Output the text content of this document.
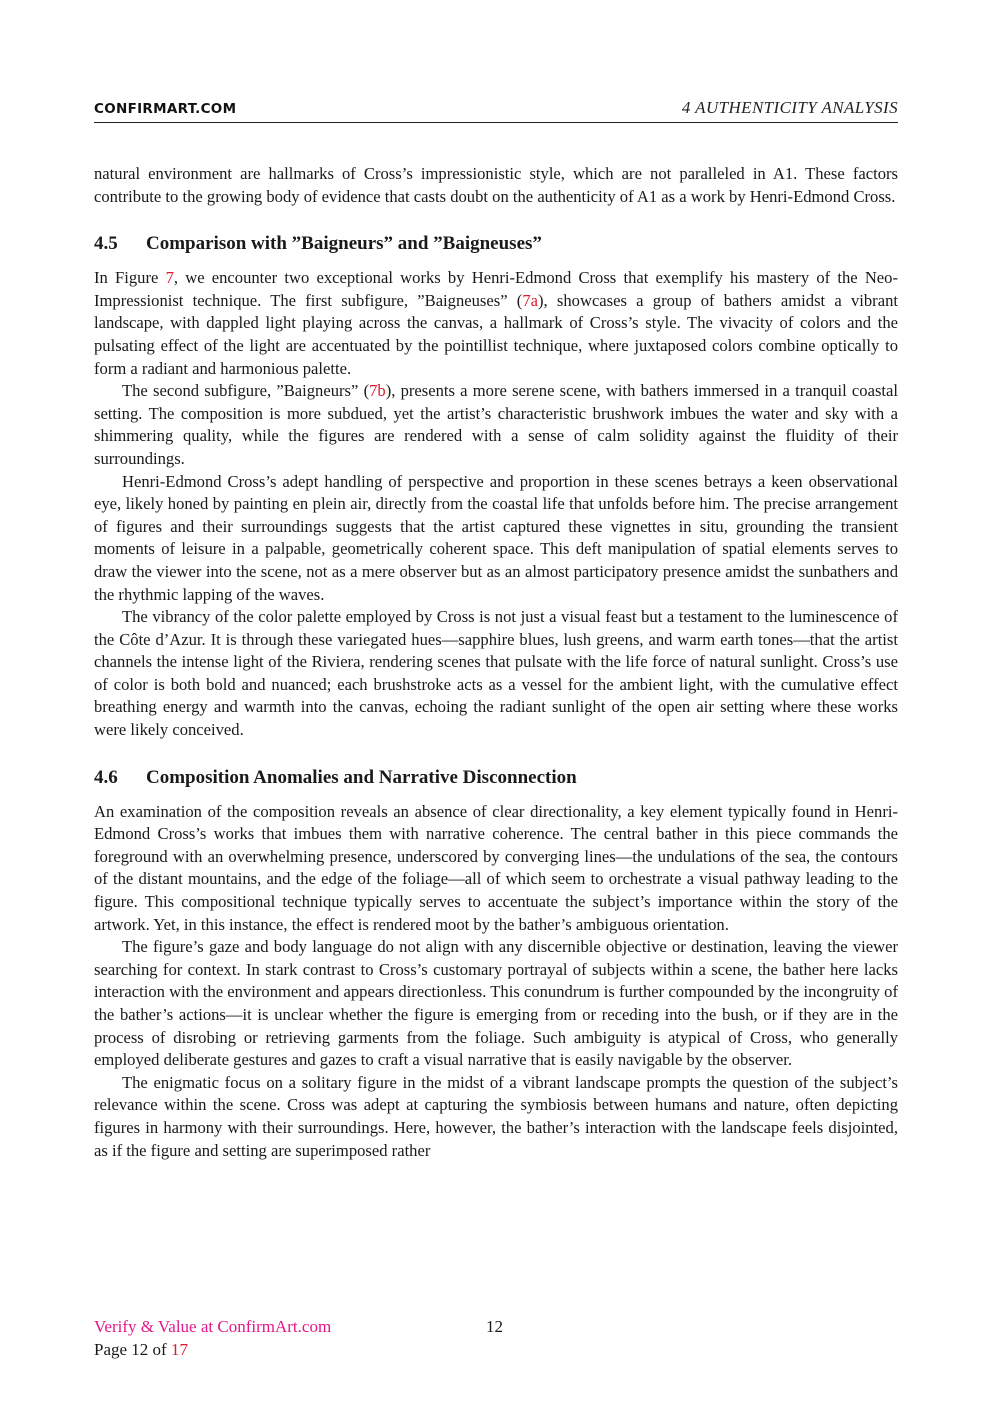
CONFIRMART.COM	4 AUTHENTICITY ANALYSIS

natural environment are hallmarks of Cross’s impressionistic style, which are not paralleled in A1. These factors contribute to the growing body of evidence that casts doubt on the authenticity of A1 as a work by Henri-Edmond Cross.

4.5 Comparison with ”Baigneurs” and ”Baigneuses”

In Figure 7, we encounter two exceptional works by Henri-Edmond Cross that exemplify his mastery of the Neo-Impressionist technique. The first subfigure, ”Baigneuses” (7a), showcases a group of bathers amidst a vibrant landscape, with dappled light playing across the canvas, a hallmark of Cross’s style. The vivacity of colors and the pulsating effect of the light are accentuated by the pointillist technique, where juxtaposed colors combine optically to form a radiant and harmonious palette.

The second subfigure, ”Baigneurs” (7b), presents a more serene scene, with bathers immersed in a tranquil coastal setting. The composition is more subdued, yet the artist’s characteristic brushwork imbues the water and sky with a shimmering quality, while the figures are rendered with a sense of calm solidity against the fluidity of their surroundings.

Henri-Edmond Cross’s adept handling of perspective and proportion in these scenes betrays a keen observational eye, likely honed by painting en plein air, directly from the coastal life that unfolds before him. The precise arrangement of figures and their surroundings suggests that the artist captured these vignettes in situ, grounding the transient moments of leisure in a palpable, geometrically coherent space. This deft manipulation of spatial elements serves to draw the viewer into the scene, not as a mere observer but as an almost participatory presence amidst the sunbathers and the rhythmic lapping of the waves.

The vibrancy of the color palette employed by Cross is not just a visual feast but a testament to the luminescence of the Côte d’Azur. It is through these variegated hues—sapphire blues, lush greens, and warm earth tones—that the artist channels the intense light of the Riviera, rendering scenes that pulsate with the life force of natural sunlight. Cross’s use of color is both bold and nuanced; each brushstroke acts as a vessel for the ambient light, with the cumulative effect breathing energy and warmth into the canvas, echoing the radiant sunlight of the open air setting where these works were likely conceived.

4.6 Composition Anomalies and Narrative Disconnection

An examination of the composition reveals an absence of clear directionality, a key element typically found in Henri-Edmond Cross’s works that imbues them with narrative coherence. The central bather in this piece commands the foreground with an overwhelming presence, underscored by converging lines—the undulations of the sea, the contours of the distant mountains, and the edge of the foliage—all of which seem to orchestrate a visual pathway leading to the figure. This compositional technique typically serves to accentuate the subject’s importance within the story of the artwork. Yet, in this instance, the effect is rendered moot by the bather’s ambiguous orientation.

The figure’s gaze and body language do not align with any discernible objective or destination, leaving the viewer searching for context. In stark contrast to Cross’s customary portrayal of subjects within a scene, the bather here lacks interaction with the environment and appears directionless. This conundrum is further compounded by the incongruity of the bather’s actions—it is unclear whether the figure is emerging from or receding into the bush, or if they are in the process of disrobing or retrieving garments from the foliage. Such ambiguity is atypical of Cross, who generally employed deliberate gestures and gazes to craft a visual narrative that is easily navigable by the observer.

The enigmatic focus on a solitary figure in the midst of a vibrant landscape prompts the question of the subject’s relevance within the scene. Cross was adept at capturing the symbiosis between humans and nature, often depicting figures in harmony with their surroundings. Here, however, the bather’s interaction with the landscape feels disjointed, as if the figure and setting are superimposed rather

Verify & Value at ConfirmArt.com
Page 12 of 17
12
